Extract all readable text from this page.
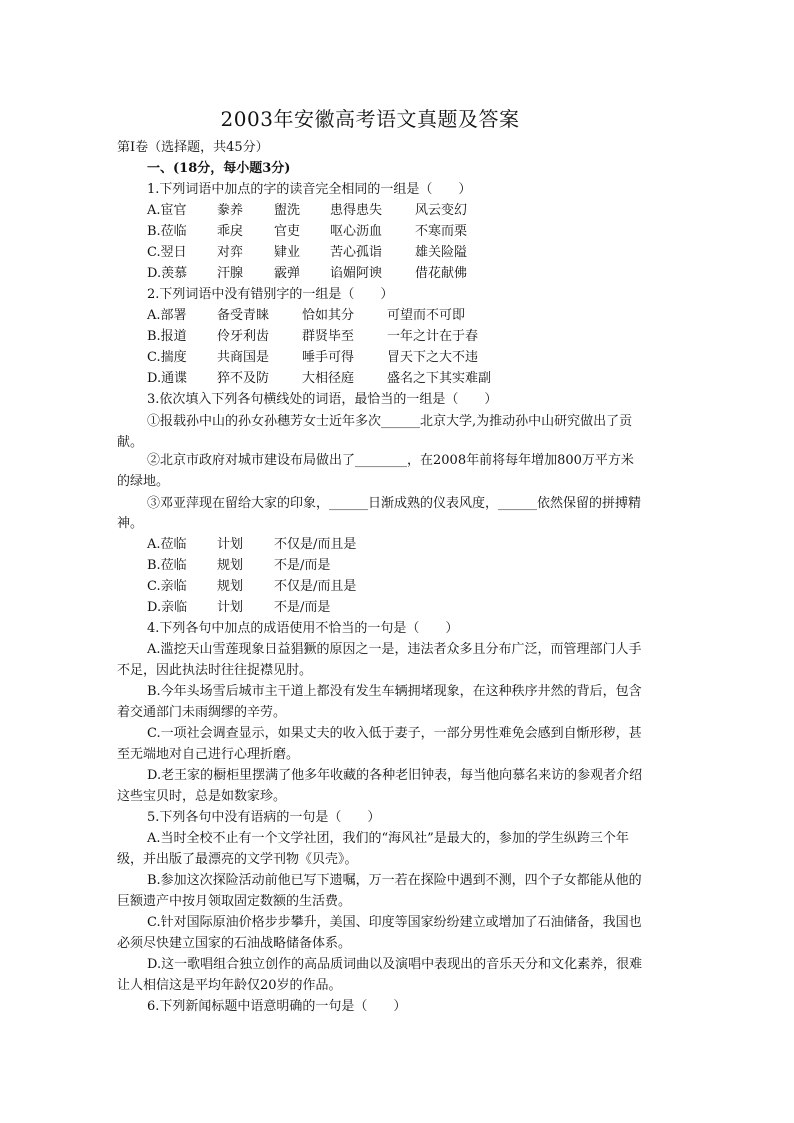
2003年安徽高考语文真题及答案
第Ⅰ卷（选择题，共45分）
一、(18分，每小题3分)
1.下列词语中加点的字的读音完全相同的一组是（　　）
A.宦官 豢养 盥洗 患得患失	风云变幻
B.莅临 乖戾 官吏 呕心沥血	不寒而栗
C.翌日 对弈 肄业 苦心孤诣	雄关险隘
D.羡慕 汗腺 霰弹 谄媚阿谀	借花献佛
2.下列词语中没有错别字的一组是（　　）
A.部署 备受青睐	恰如其分	可望而不可即
B.报道 伶牙利齿	群贤毕至	一年之计在于春
C.揣度 共商国是	唾手可得	冒天下之大不违
D.通谍 猝不及防	大相径庭	盛名之下其实难副
3.依次填入下列各句横线处的词语，最恰当的一组是（　　）
①报载孙中山的孙女孙穗芳女士近年多次______北京大学,为推动孙中山研究做出了贡
献。
②北京市政府对城市建设布局做出了________，在2008年前将每年增加800万平方米
的绿地。
③邓亚萍现在留给大家的印象，______日渐成熟的仪表风度，______依然保留的拼搏精
神。
A.莅临 计划 不仅是/而且是
B.莅临 规划 不是/而是
C.亲临 规划 不仅是/而且是
D.亲临 计划 不是/而是
4.下列各句中加点的成语使用不恰当的一句是（　　）
A.滥挖天山雪莲现象日益猖獗的原因之一是，违法者众多且分布广泛，而管理部门人手
不足，因此执法时往往捉襟见肘。
B.今年头场雪后城市主干道上都没有发生车辆拥堵现象，在这种秩序井然的背后，包含
着交通部门未雨绸缪的辛劳。
C.一项社会调查显示，如果丈夫的收入低于妻子，一部分男性难免会感到自惭形秽，甚
至无端地对自己进行心理折磨。
D.老王家的橱柜里摆满了他多年收藏的各种老旧钟表，每当他向慕名来访的参观者介绍
这些宝贝时，总是如数家珍。
5.下列各句中没有语病的一句是（　　）
A.当时全校不止有一个文学社团，我们的“海风社”是最大的，参加的学生纵跨三个年
级，并出版了最漂亮的文学刊物《贝壳》。
B.参加这次探险活动前他已写下遗嘱，万一若在探险中遇到不测，四个子女都能从他的
巨额遗产中按月领取固定数额的生活费。
C.针对国际原油价格步步攀升，美国、印度等国家纷纷建立或增加了石油储备，我国也
必须尽快建立国家的石油战略储备体系。
D.这一歌唱组合独立创作的高品质词曲以及演唱中表现出的音乐天分和文化素养，很难
让人相信这是平均年龄仅20岁的作品。
6.下列新闻标题中语意明确的一句是（　　）
